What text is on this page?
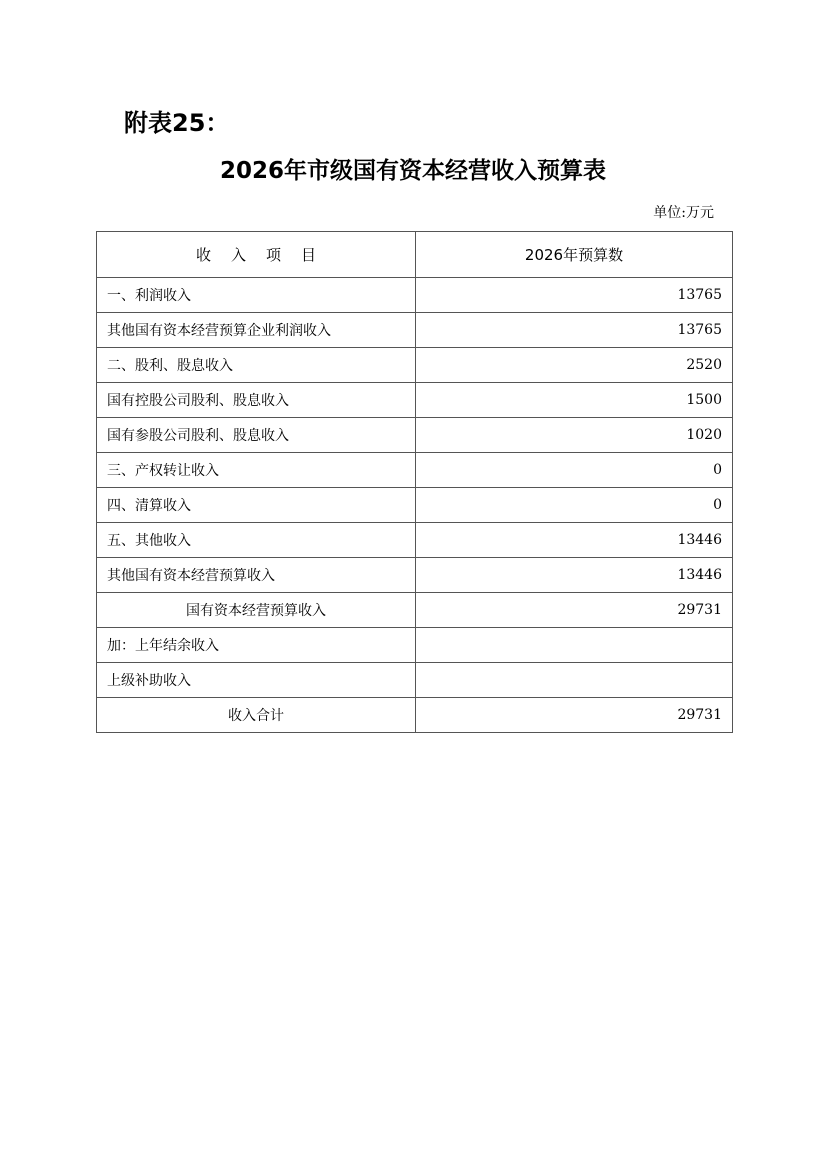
附表25：
2026年市级国有资本经营收入预算表
单位:万元
收入项目	2026年预算数
一、利润收入	13765
其他国有资本经营预算企业利润收入	13765
二、股利、股息收入	2520
国有控股公司股利、股息收入	1500
国有参股公司股利、股息收入	1020
三、产权转让收入	0
四、清算收入	0
五、其他收入	13446
其他国有资本经营预算收入	13446
国有资本经营预算收入	29731
加：上年结余收入	
上级补助收入	
收入合计	29731
